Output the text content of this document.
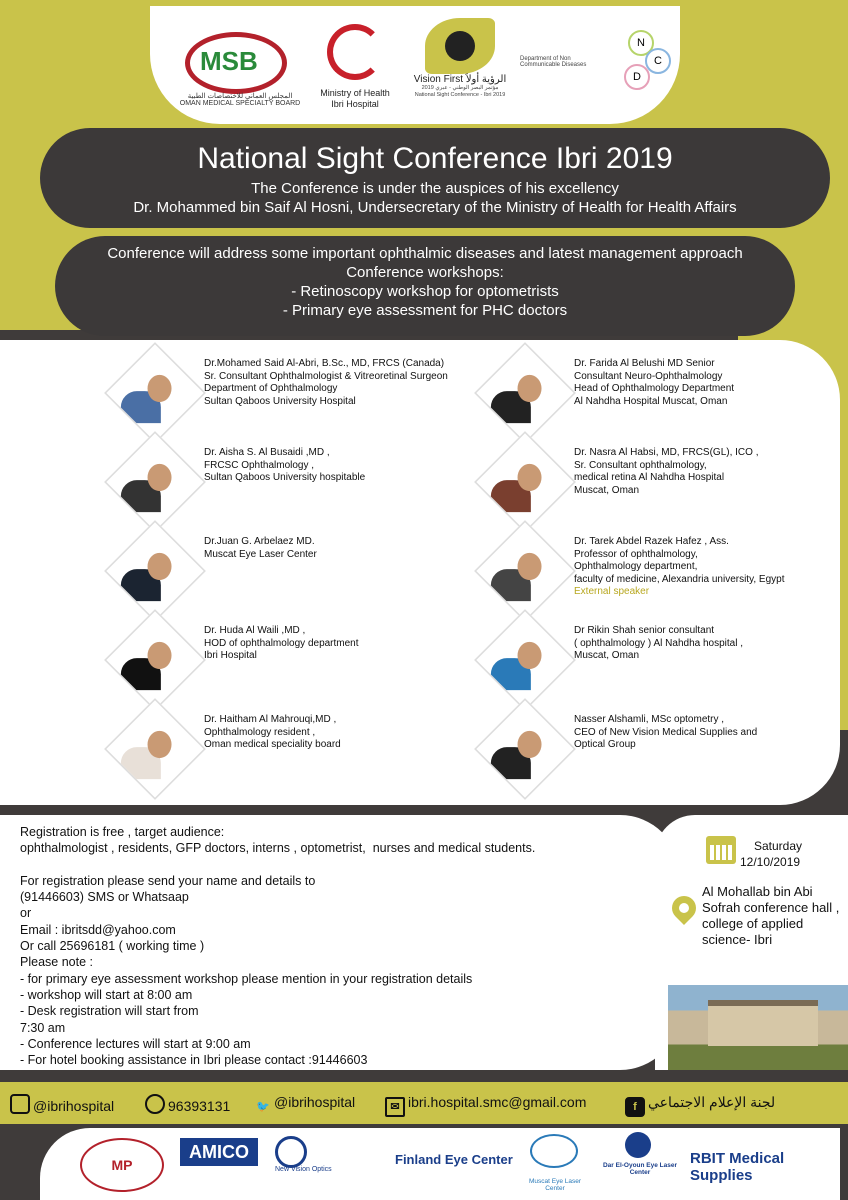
MSB
المجلس العماني للاختصاصات الطبية
OMAN MEDICAL SPECIALTY BOARD
Ministry of Health
Ibri Hospital
Vision First الرؤية أولاً
مؤتمر البصر الوطني - عبري 2019
National Sight Conference - Ibri 2019
Department of Non Communicable Diseases
N
C
D
National Sight Conference Ibri 2019

The Conference is under the auspices of his excellency

Dr. Mohammed bin Saif Al Hosni, Undersecretary of the Ministry of Health for Health Affairs

Conference will address some important ophthalmic diseases and latest management approach
Conference workshops:
- Retinoscopy workshop for optometrists
- Primary eye assessment for PHC doctors
Dr.Mohamed Said Al-Abri, B.Sc., MD, FRCS (Canada)
Sr. Consultant Ophthalmologist & Vitreoretinal Surgeon
Department of Ophthalmology
Sultan Qaboos University Hospital
Dr. Aisha S. Al Busaidi ,MD ,
FRCSC Ophthalmology ,
Sultan Qaboos University hospitable
Dr.Juan G. Arbelaez MD.
Muscat Eye Laser Center
Dr. Huda Al Waili ,MD ,
HOD of ophthalmology department
Ibri Hospital
Dr. Haitham Al Mahrouqi,MD ,
Ophthalmology resident ,
Oman medical speciality board
Dr. Farida Al Belushi MD Senior
Consultant Neuro-Ophthalmology
Head of Ophthalmology Department
Al Nahdha Hospital Muscat, Oman
Dr. Nasra Al Habsi, MD, FRCS(GL), ICO ,
Sr. Consultant ophthalmology,
medical retina Al Nahdha Hospital
Muscat, Oman
Dr. Tarek Abdel Razek Hafez , Ass.
Professor of ophthalmology,
Ophthalmology department,
faculty of medicine, Alexandria university, Egypt
External speaker
Dr Rikin Shah senior consultant
( ophthalmology ) Al Nahdha hospital ,
Muscat, Oman
Nasser Alshamli, MSc optometry ,
CEO of New Vision Medical Supplies and
Optical Group
Registration is free , target audience:
ophthalmologist , residents, GFP doctors, interns , optometrist,  nurses and medical students.

For registration please send your name and details to
(91446603) SMS or Whatsaap
or
Email : ibritsdd@yahoo.com
Or call 25696181 ( working time )
Please note :
- for primary eye assessment workshop please mention in your registration details
- workshop will start at 8:00 am
- Desk registration will start from
7:30 am
- Conference lectures will start at 9:00 am
- For hotel booking assistance in Ibri please contact :91446603
Saturday
12/10/2019
Al Mohallab bin Abi Sofrah conference hall , college of applied science- Ibri
@ibrihospital	96393131 🐦 @ibrihospital	✉ ibri.hospital.smc@gmail.com	f لجنة الإعلام الاجتماعي
MP
AMICO
New Vision Optics
Finland Eye Center
Muscat Eye Laser Center
Dar El-Oyoun Eye Laser Center
RBIT Medical Supplies
